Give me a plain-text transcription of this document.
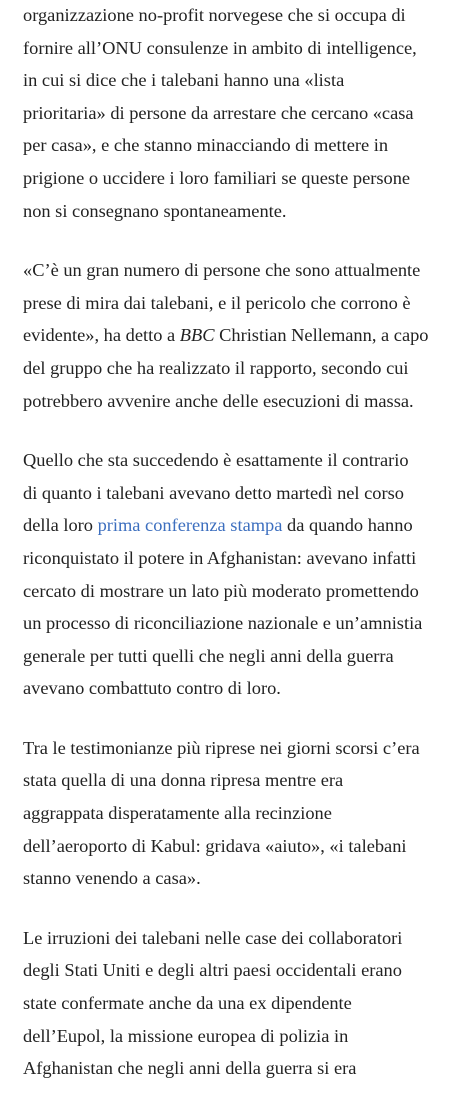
organizzazione no-profit norvegese che si occupa di
fornire all’ONU consulenze in ambito di intelligence,
in cui si dice che i talebani hanno una «lista
prioritaria» di persone da arrestare che cercano «casa
per casa», e che stanno minacciando di mettere in
prigione o uccidere i loro familiari se queste persone
non si consegnano spontaneamente.

«C’è un gran numero di persone che sono attualmente
prese di mira dai talebani, e il pericolo che corrono è
evidente», ha detto a BBC Christian Nellemann, a capo
del gruppo che ha realizzato il rapporto, secondo cui
potrebbero avvenire anche delle esecuzioni di massa.

Quello che sta succedendo è esattamente il contrario
di quanto i talebani avevano detto martedì nel corso
della loro prima conferenza stampa da quando hanno
riconquistato il potere in Afghanistan: avevano infatti
cercato di mostrare un lato più moderato promettendo
un processo di riconciliazione nazionale e un’amnistia
generale per tutti quelli che negli anni della guerra
avevano combattuto contro di loro.

Tra le testimonianze più riprese nei giorni scorsi c’era
stata quella di una donna ripresa mentre era
aggrappata disperatamente alla recinzione
dell’aeroporto di Kabul: gridava «aiuto», «i talebani
stanno venendo a casa».

Le irruzioni dei talebani nelle case dei collaboratori
degli Stati Uniti e degli altri paesi occidentali erano
state confermate anche da una ex dipendente
dell’Eupol, la missione europea di polizia in
Afghanistan che negli anni della guerra si era
